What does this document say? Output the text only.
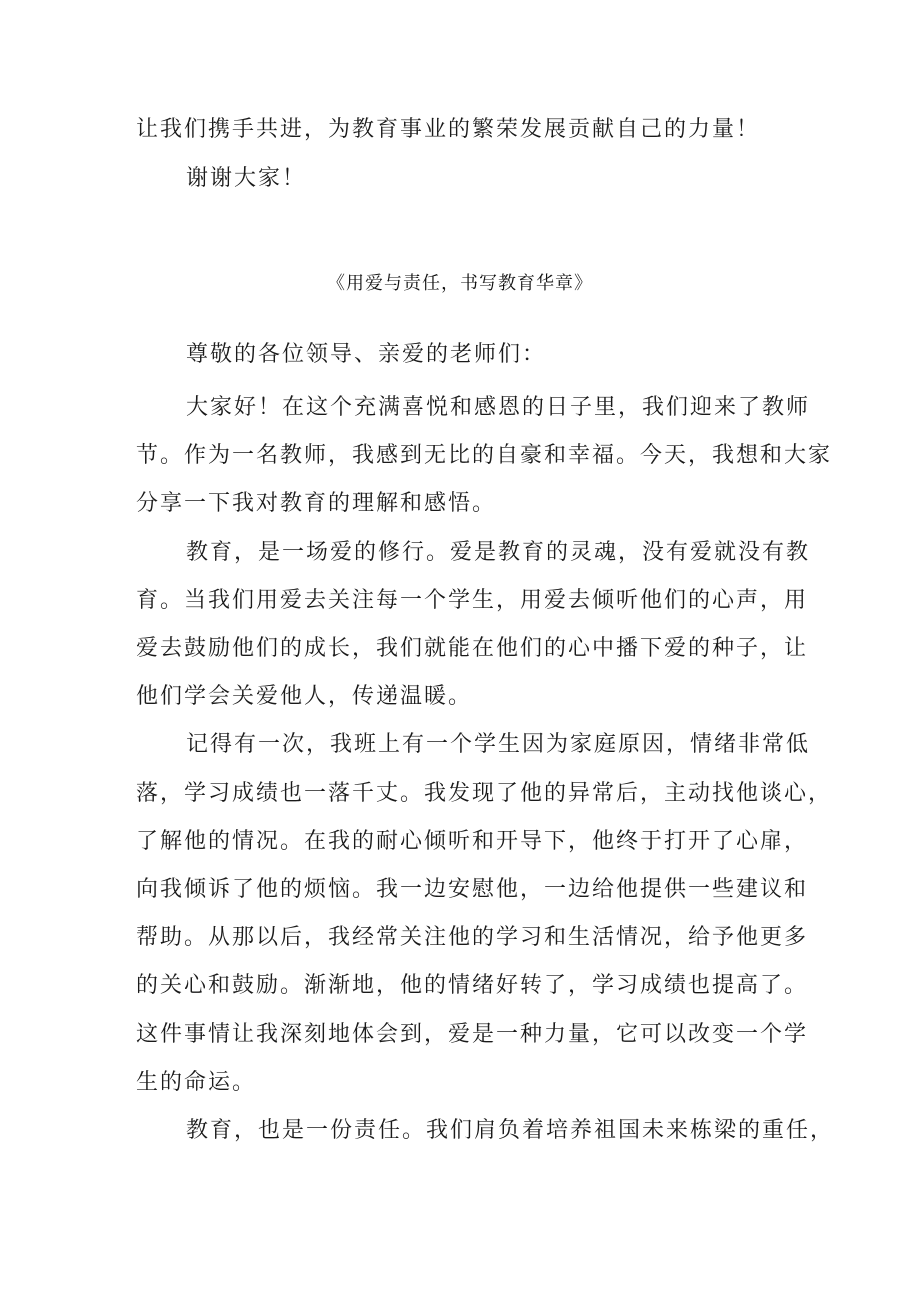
让我们携手共进，为教育事业的繁荣发展贡献自己的力量！
谢谢大家！
《用爱与责任，书写教育华章》
尊敬的各位领导、亲爱的老师们：
大家好！在这个充满喜悦和感恩的日子里，我们迎来了教师
节。作为一名教师，我感到无比的自豪和幸福。今天，我想和大家
分享一下我对教育的理解和感悟。
教育，是一场爱的修行。爱是教育的灵魂，没有爱就没有教
育。当我们用爱去关注每一个学生，用爱去倾听他们的心声，用
爱去鼓励他们的成长，我们就能在他们的心中播下爱的种子，让
他们学会关爱他人，传递温暖。
记得有一次，我班上有一个学生因为家庭原因，情绪非常低
落，学习成绩也一落千丈。我发现了他的异常后，主动找他谈心，
了解他的情况。在我的耐心倾听和开导下，他终于打开了心扉，
向我倾诉了他的烦恼。我一边安慰他，一边给他提供一些建议和
帮助。从那以后，我经常关注他的学习和生活情况，给予他更多
的关心和鼓励。渐渐地，他的情绪好转了，学习成绩也提高了。
这件事情让我深刻地体会到，爱是一种力量，它可以改变一个学
生的命运。
教育，也是一份责任。我们肩负着培养祖国未来栋梁的重任，
